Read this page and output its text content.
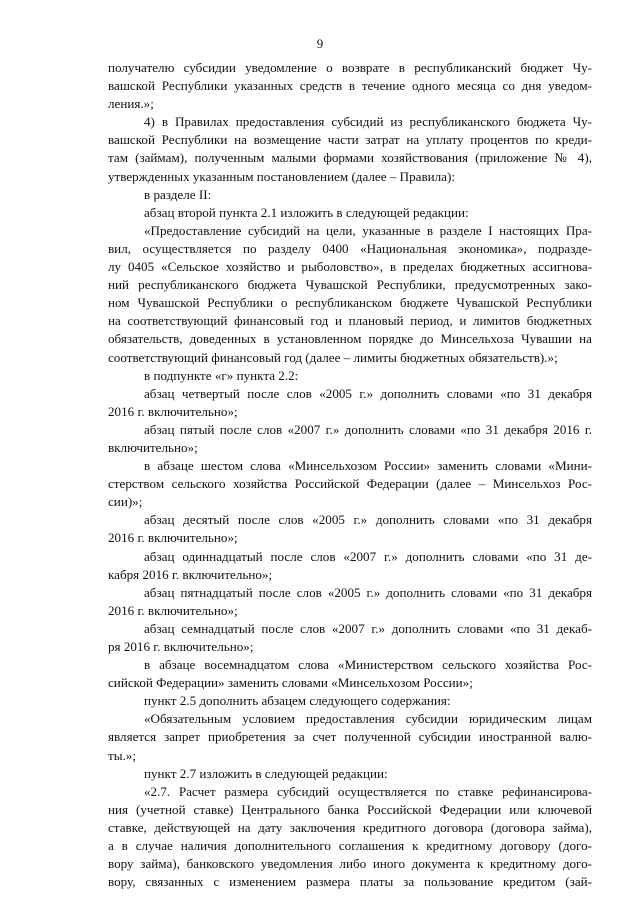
9
получателю субсидии уведомление о возврате в республиканский бюджет Чу-
вашской Республики указанных средств в течение одного месяца со дня уведом-
ления.»;
4) в Правилах предоставления субсидий из республиканского бюджета Чу-
вашской Республики на возмещение части затрат на уплату процентов по креди-
там (займам), полученным малыми формами хозяйствования (приложение № 4),
утвержденных указанным постановлением (далее – Правила):
в разделе II:
абзац второй пункта 2.1 изложить в следующей редакции:
«Предоставление субсидий на цели, указанные в разделе I настоящих Пра-
вил, осуществляется по разделу 0400 «Национальная экономика», подразде-
лу 0405 «Сельское хозяйство и рыболовство», в пределах бюджетных ассигнова-
ний республиканского бюджета Чувашской Республики, предусмотренных зако-
ном Чувашской Республики о республиканском бюджете Чувашской Республики
на соответствующий финансовый год и плановый период, и лимитов бюджетных
обязательств, доведенных в установленном порядке до Минсельхоза Чувашии на
соответствующий финансовый год (далее – лимиты бюджетных обязательств).»;
в подпункте «г» пункта 2.2:
абзац четвертый после слов «2005 г.» дополнить словами «по 31 декабря
2016 г. включительно»;
абзац пятый после слов «2007 г.» дополнить словами «по 31 декабря 2016 г.
включительно»;
в абзаце шестом слова «Минсельхозом России» заменить словами «Мини-
стерством сельского хозяйства Российской Федерации (далее – Минсельхоз Рос-
сии)»;
абзац десятый после слов «2005 г.» дополнить словами «по 31 декабря
2016 г. включительно»;
абзац одиннадцатый после слов «2007 г.» дополнить словами «по 31 де-
кабря 2016 г. включительно»;
абзац пятнадцатый после слов «2005 г.» дополнить словами «по 31 декабря
2016 г. включительно»;
абзац семнадцатый после слов «2007 г.» дополнить словами «по 31 декаб-
ря 2016 г. включительно»;
в абзаце восемнадцатом слова «Министерством сельского хозяйства Рос-
сийской Федерации» заменить словами «Минсельхозом России»;
пункт 2.5 дополнить абзацем следующего содержания:
«Обязательным условием предоставления субсидии юридическим лицам
является запрет приобретения за счет полученной субсидии иностранной валю-
ты.»;
пункт 2.7 изложить в следующей редакции:
«2.7. Расчет размера субсидий осуществляется по ставке рефинансирова-
ния (учетной ставке) Центрального банка Российской Федерации или ключевой
ставке, действующей на дату заключения кредитного договора (договора займа),
а в случае наличия дополнительного соглашения к кредитному договору (дого-
вору займа), банковского уведомления либо иного документа к кредитному дого-
вору, связанных с изменением размера платы за пользование кредитом (зай-
